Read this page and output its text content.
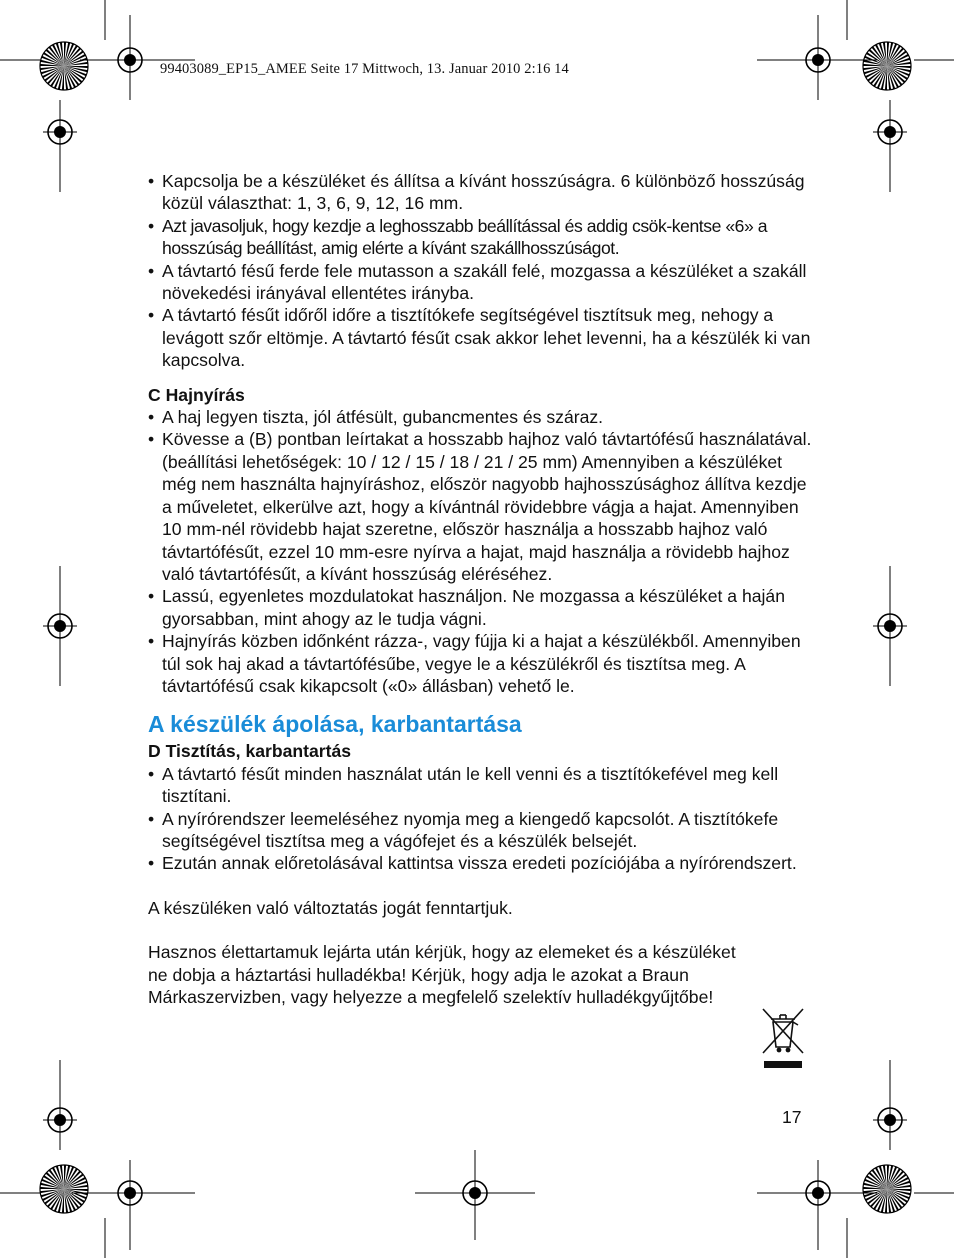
99403089_EP15_AMEE Seite 17 Mittwoch, 13. Januar 2010 2:16 14
• Kapcsolja be a készüléket és állítsa a kívánt hosszúságra. 6 különböző hosszúság közül választhat: 1, 3, 6, 9, 12, 16 mm.
• Azt javasoljuk, hogy kezdje a leghosszabb beállítással és addig csök-kentse «6» a hosszúság beállítást, amig elérte a kívánt szakállhosszúságot.
• A távtartó fésű ferde fele mutasson a szakáll felé, mozgassa a készüléket a szakáll növekedési irányával ellentétes irányba.
• A távtartó fésűt időről időre a tisztítókefe segítségével tisztítsuk meg, nehogy a levágott szőr eltömje. A távtartó fésűt csak akkor lehet levenni, ha a készülék ki van kapcsolva.
C Hajnyírás
• A haj legyen tiszta, jól átfésült, gubancmentes és száraz.
• Kövesse a (B) pontban leírtakat a hosszabb hajhoz való távtartófésű használatával. (beállítási lehetőségek: 10 / 12 / 15 / 18 / 21 / 25 mm) Amennyiben a készüléket még nem használta hajnyíráshoz, először nagyobb hajhosszúsághoz állítva kezdje a műveletet, elkerülve azt, hogy a kívántnál rövidebbre vágja a hajat. Amennyiben 10 mm-nél rövidebb hajat szeretne, először használja a hosszabb hajhoz való távtartófésűt, ezzel 10 mm-esre nyírva a hajat, majd használja a rövidebb hajhoz való távtartófésűt, a kívánt hosszúság eléréséhez.
• Lassú, egyenletes mozdulatokat használjon. Ne mozgassa a készüléket a haján gyorsabban, mint ahogy az le tudja vágni.
• Hajnyírás közben időnként rázza-, vagy fújja ki a hajat a készülékből. Amennyiben túl sok haj akad a távtartófésűbe, vegye le a készülékről és tisztítsa meg. A távtartófésű csak kikapcsolt («0» állásban) vehető le.
A készülék ápolása, karbantartása
D Tisztítás, karbantartás
• A távtartó fésűt minden használat után le kell venni és a tisztítókefével meg kell tisztítani.
• A nyírórendszer leemeléséhez nyomja meg a kiengedő kapcsolót. A tisztítókefe segítségével tisztítsa meg a vágófejet és a készülék belsejét.
• Ezután annak előretolásával kattintsa vissza eredeti pozíciójába a nyírórendszert.
A készüléken való változtatás jogát fenntartjuk.
Hasznos élettartamuk lejárta után kérjük, hogy az elemeket és a készüléket ne dobja a háztartási hulladékba! Kérjük, hogy adja le azokat a Braun Márkaszervizben, vagy helyezze a megfelelő szelektív hulladékgyűjtőbe!
17
